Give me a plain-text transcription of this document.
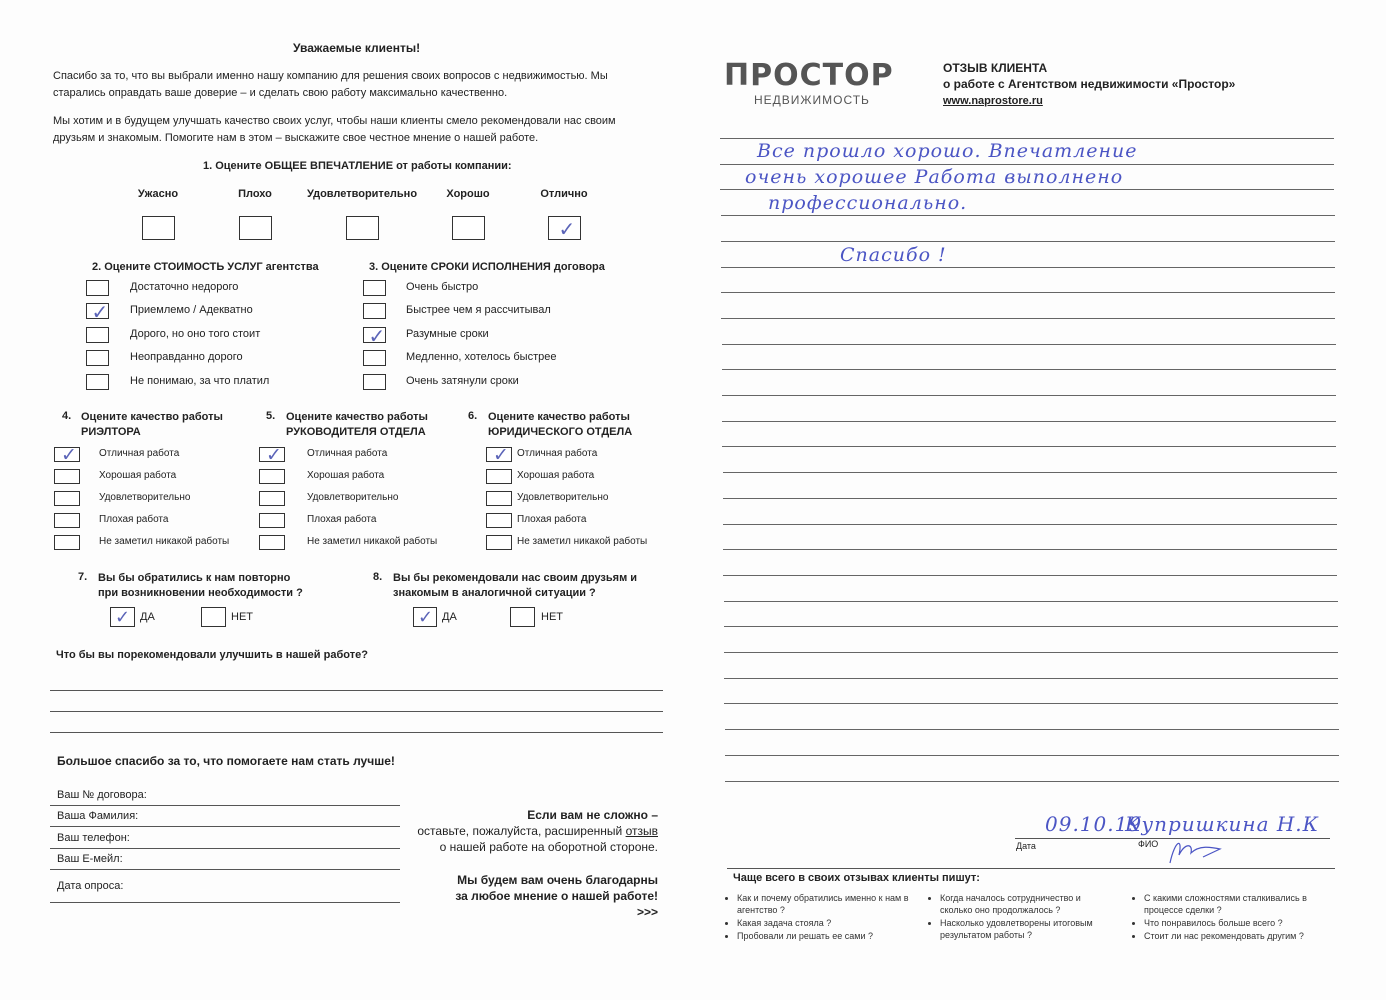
Уважаемые клиенты!
Спасибо за то, что вы выбрали именно нашу компанию для решения своих вопросов с недвижимостью. Мы старались оправдать ваше доверие – и сделать свою работу максимально качественно.
Мы хотим и в будущем улучшать качество своих услуг, чтобы наши клиенты смело рекомендовали нас своим друзьям и знакомым. Помогите нам в этом – выскажите свое честное мнение о нашей работе.
1. Оцените ОБЩЕЕ ВПЕЧАТЛЕНИЕ от работы компании:
2. Оцените СТОИМОСТЬ УСЛУГ агентства	3. Оцените СРОКИ ИСПОЛНЕНИЯ договора
4. Оцените качество работы
РИЭЛТОРА
5. Оцените качество работы
РУКОВОДИТЕЛЯ ОТДЕЛА
6. Оцените качество работы
ЮРИДИЧЕСКОГО ОТДЕЛА
7. Вы бы обратились к нам повторно
при возникновении необходимости ?
✓ ДА	НЕТ
8. Вы бы рекомендовали нас своим друзьям и
знакомым в аналогичной ситуации ?
✓ ДА	НЕТ
Что бы вы порекомендовали улучшить в нашей работе?
Большое спасибо за то, что помогаете нам стать лучше!
Если вам не сложно –
оставьте, пожалуйста, расширенный отзыв
о нашей работе на оборотной стороне.

Мы будем вам очень благодарны
за любое мнение о нашей работе!
>>>
ПРОСТОР
НЕДВИЖИМОСТЬ
ОТЗЫВ КЛИЕНТА
о работе с Агентством недвижимости «Простор»
www.naprostore.ru
Все прошло хорошо. Впечатление
очень хорошее Работа выполнено
профессионально.
Спасибо !
09.10.19
Купришкина Н.К
Дата	ФИО
Чаще всего в своих отзывах клиенты пишут:
Ужасно	Плохо	Удовлетворительно	Хорошо	Отлично
✓
Достаточно недорого
✓ Приемлемо / Адекватно
Дорого, но оно того стоит
Неоправданно дорого
Не понимаю, за что платил
Очень быстро
Быстрее чем я рассчитывал
✓ Разумные сроки
Медленно, хотелось быстрее
Очень затянули сроки
✓ Отличная работа
Хорошая работа
Удовлетворительно
Плохая работа
Не заметил никакой работы
✓	Отличная работа
Хорошая работа
Удовлетворительно
Плохая работа
Не заметил никакой работы
✓ Отличная работа
Хорошая работа
Удовлетворительно
Плохая работа
Не заметил никакой работы
Ваш № договора:
Ваша Фамилия:
Ваш телефон:
Ваш E-мейл:
Дата опроса:
• Как и почему обратились именно к нам в агентство ?
• Какая задача стояла ?
• Пробовали ли решать ее сами ?
• Когда началось сотрудничество и сколько оно продолжалось ?
• Насколько удовлетворены итоговым результатом работы ?
• С какими сложностями сталкивались в процессе сделки ?
• Что понравилось больше всего ?
• Стоит ли нас рекомендовать другим ?
